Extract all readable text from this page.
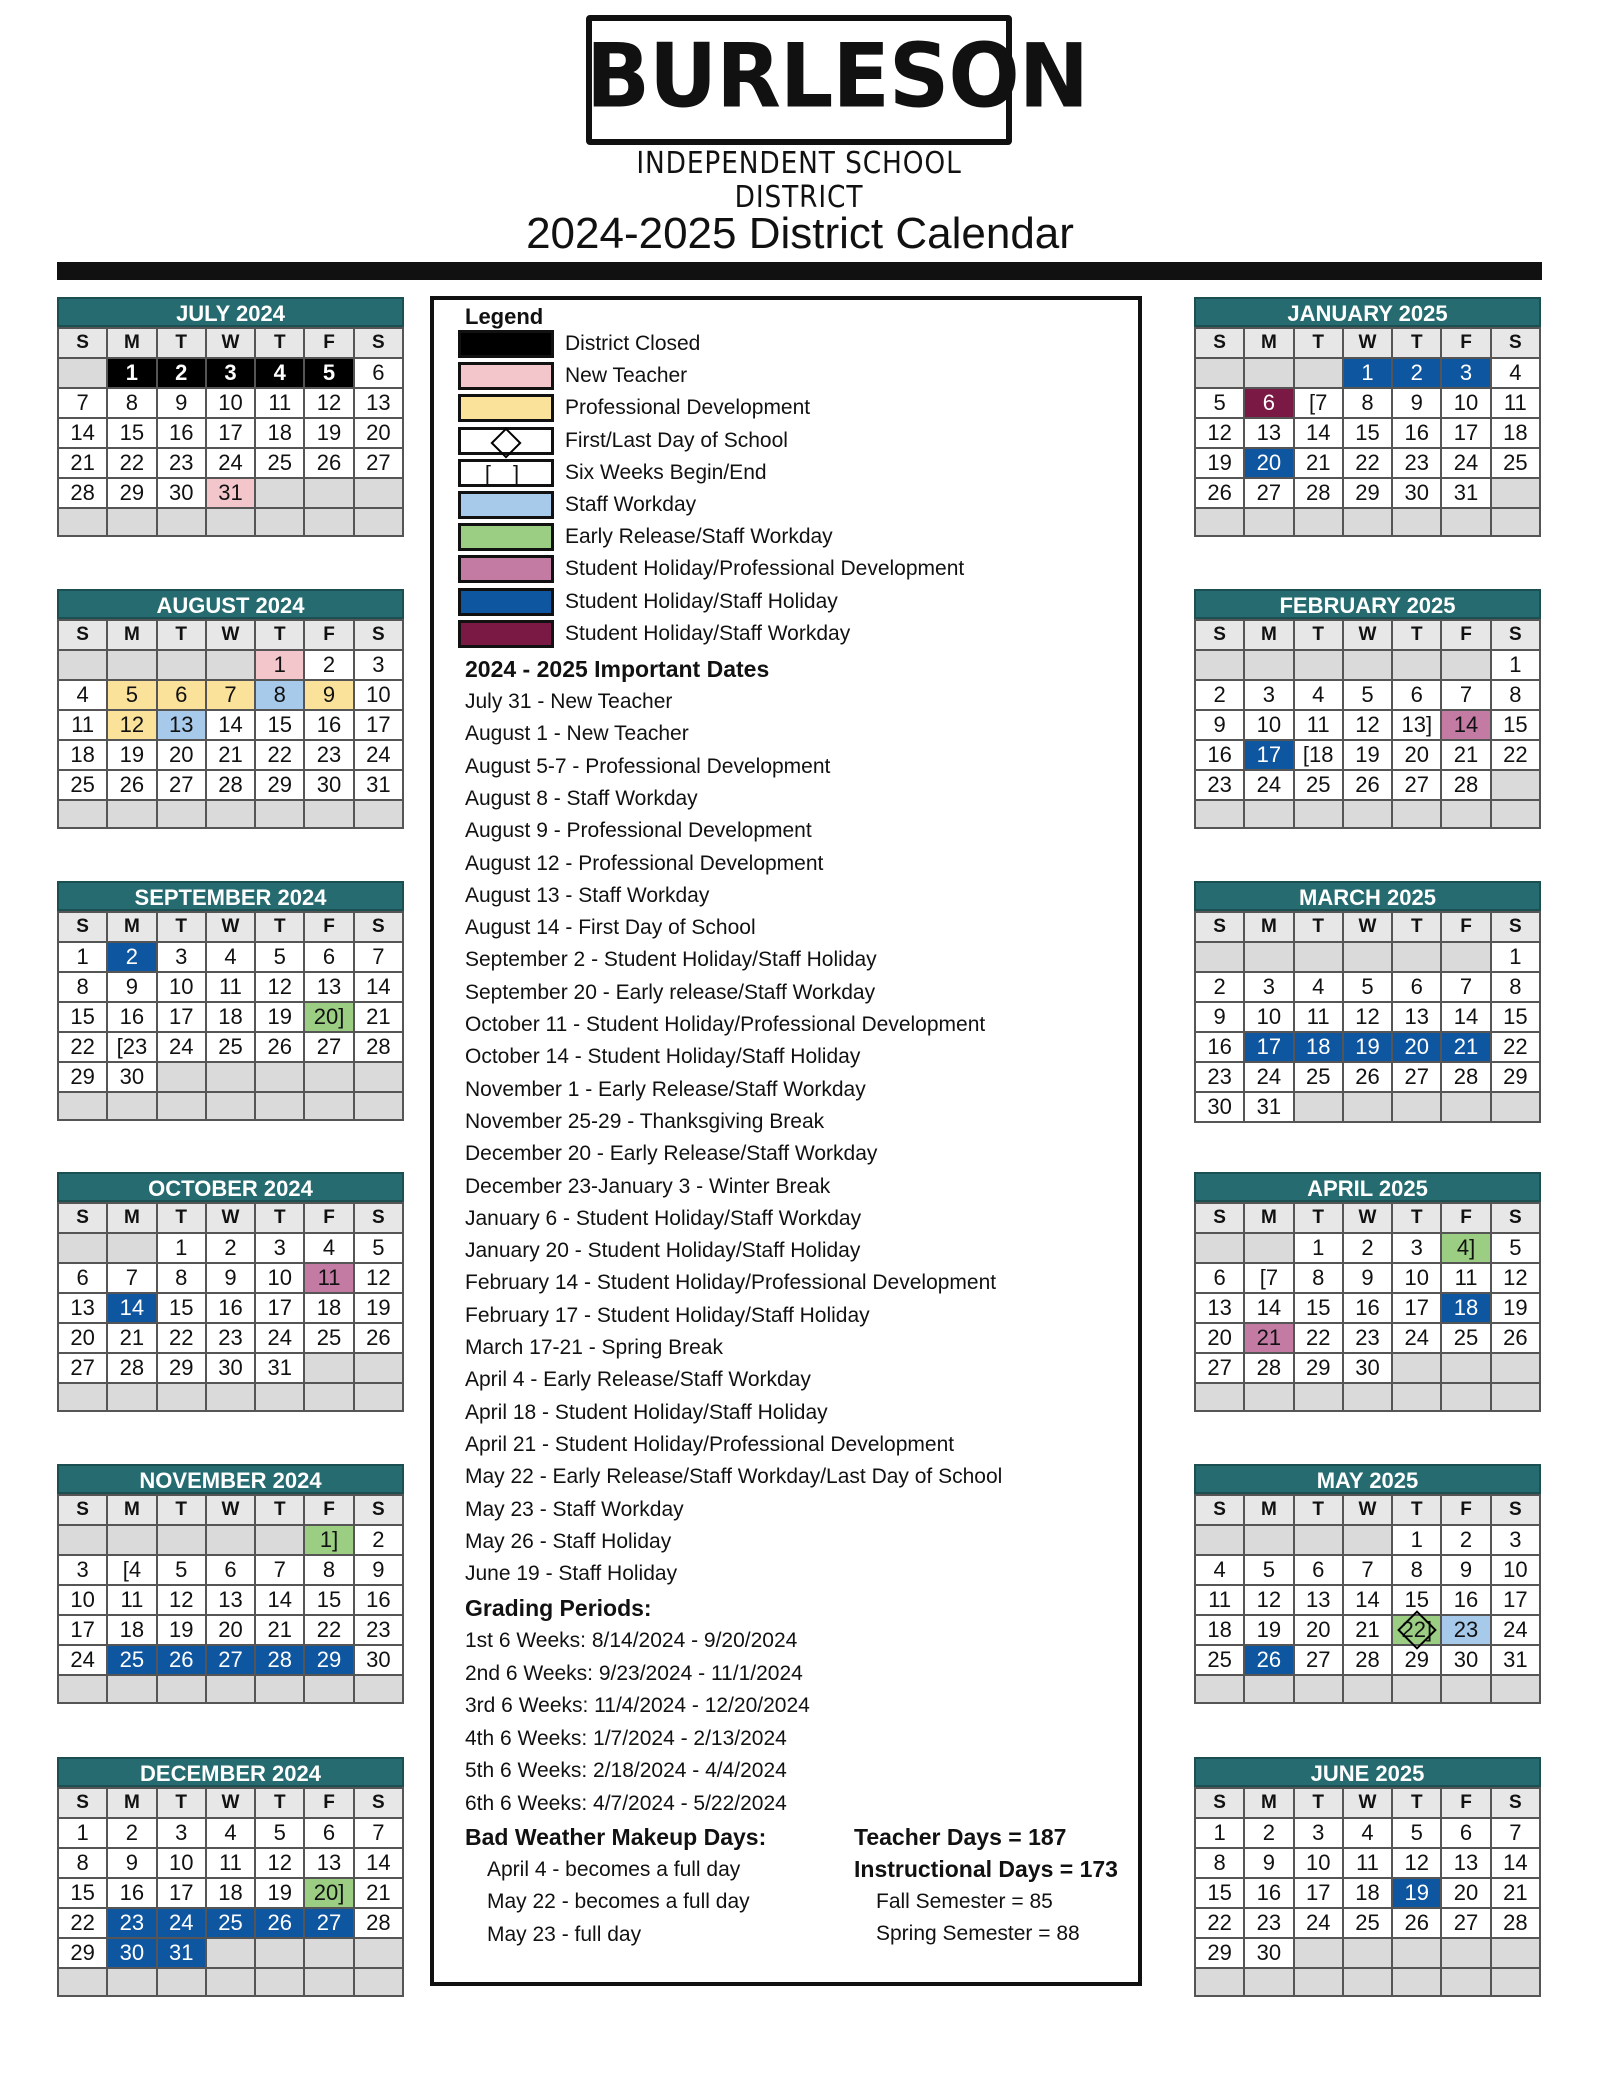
BURLESON
INDEPENDENT SCHOOL DISTRICT
2024-2025 District Calendar
JULY 2024
S	M	T	W	T	F	S
	1	2	3	4	5	6
7	8	9	10	11	12	13
14	15	16	17	18	19	20
21	22	23	24	25	26	27
28	29	30	31			

AUGUST 2024
S	M	T	W	T	F	S
				1	2	3
4	5	6	7	8	9	10
11	12	13	14	15	16	17
18	19	20	21	22	23	24
25	26	27	28	29	30	31

SEPTEMBER 2024
S	M	T	W	T	F	S
1	2	3	4	5	6	7
8	9	10	11	12	13	14
15	16	17	18	19	20]	21
22	[23	24	25	26	27	28
29	30					

OCTOBER 2024
S	M	T	W	T	F	S
		1	2	3	4	5
6	7	8	9	10	11	12
13	14	15	16	17	18	19
20	21	22	23	24	25	26
27	28	29	30	31		

NOVEMBER 2024
S	M	T	W	T	F	S
					1]	2
3	[4	5	6	7	8	9
10	11	12	13	14	15	16
17	18	19	20	21	22	23
24	25	26	27	28	29	30

DECEMBER 2024
S	M	T	W	T	F	S
1	2	3	4	5	6	7
8	9	10	11	12	13	14
15	16	17	18	19	20]	21
22	23	24	25	26	27	28
29	30	31				

JANUARY 2025
S	M	T	W	T	F	S
			1	2	3	4
5	6	[7	8	9	10	11
12	13	14	15	16	17	18
19	20	21	22	23	24	25
26	27	28	29	30	31	

FEBRUARY 2025
S	M	T	W	T	F	S
						1
2	3	4	5	6	7	8
9	10	11	12	13]	14	15
16	17	[18	19	20	21	22
23	24	25	26	27	28	

MARCH 2025
S	M	T	W	T	F	S
						1
2	3	4	5	6	7	8
9	10	11	12	13	14	15
16	17	18	19	20	21	22
23	24	25	26	27	28	29
30	31					
APRIL 2025
S	M	T	W	T	F	S
		1	2	3	4]	5
6	[7	8	9	10	11	12
13	14	15	16	17	18	19
20	21	22	23	24	25	26
27	28	29	30			

MAY 2025
S	M	T	W	T	F	S
				1	2	3
4	5	6	7	8	9	10
11	12	13	14	15	16	17
18	19	20	21	22]	23	24
25	26	27	28	29	30	31

JUNE 2025
S	M	T	W	T	F	S
1	2	3	4	5	6	7
8	9	10	11	12	13	14
15	16	17	18	19	20	21
22	23	24	25	26	27	28
29	30					

Legend
District Closed
New Teacher
Professional Development
First/Last Day of School
[ ]	Six Weeks Begin/End
Staff Workday
Early Release/Staff Workday
Student Holiday/Professional Development
Student Holiday/Staff Holiday
Student Holiday/Staff Workday
2024 - 2025 Important Dates
July 31 - New Teacher
August 1 - New Teacher
August 5-7 - Professional Development
August 8 - Staff Workday
August 9 - Professional Development
August 12 - Professional Development
August 13 - Staff Workday
August 14 - First Day of School
September 2 - Student Holiday/Staff Holiday
September 20 - Early release/Staff Workday
October 11 - Student Holiday/Professional Development
October 14 - Student Holiday/Staff Holiday
November 1 - Early Release/Staff Workday
November 25-29 - Thanksgiving Break
December 20 - Early Release/Staff Workday
December 23-January 3 - Winter Break
January 6 - Student Holiday/Staff Workday
January 20 - Student Holiday/Staff Holiday
February 14 - Student Holiday/Professional Development
February 17 - Student Holiday/Staff Holiday
March 17-21 - Spring Break
April 4 - Early Release/Staff Workday
April 18 - Student Holiday/Staff Holiday
April 21 - Student Holiday/Professional Development
May 22 - Early Release/Staff Workday/Last Day of School
May 23 - Staff Workday
May 26 - Staff Holiday
June 19 - Staff Holiday
Grading Periods:
1st 6 Weeks: 8/14/2024 - 9/20/2024
2nd 6 Weeks: 9/23/2024 - 11/1/2024
3rd 6 Weeks: 11/4/2024 - 12/20/2024
4th 6 Weeks: 1/7/2024 - 2/13/2024
5th 6 Weeks: 2/18/2024 - 4/4/2024
6th 6 Weeks: 4/7/2024 - 5/22/2024
Bad Weather Makeup Days:
April 4 - becomes a full day
May 22 - becomes a full day
May 23 - full day
Teacher Days = 187
Instructional Days = 173
Fall Semester = 85
Spring Semester = 88
